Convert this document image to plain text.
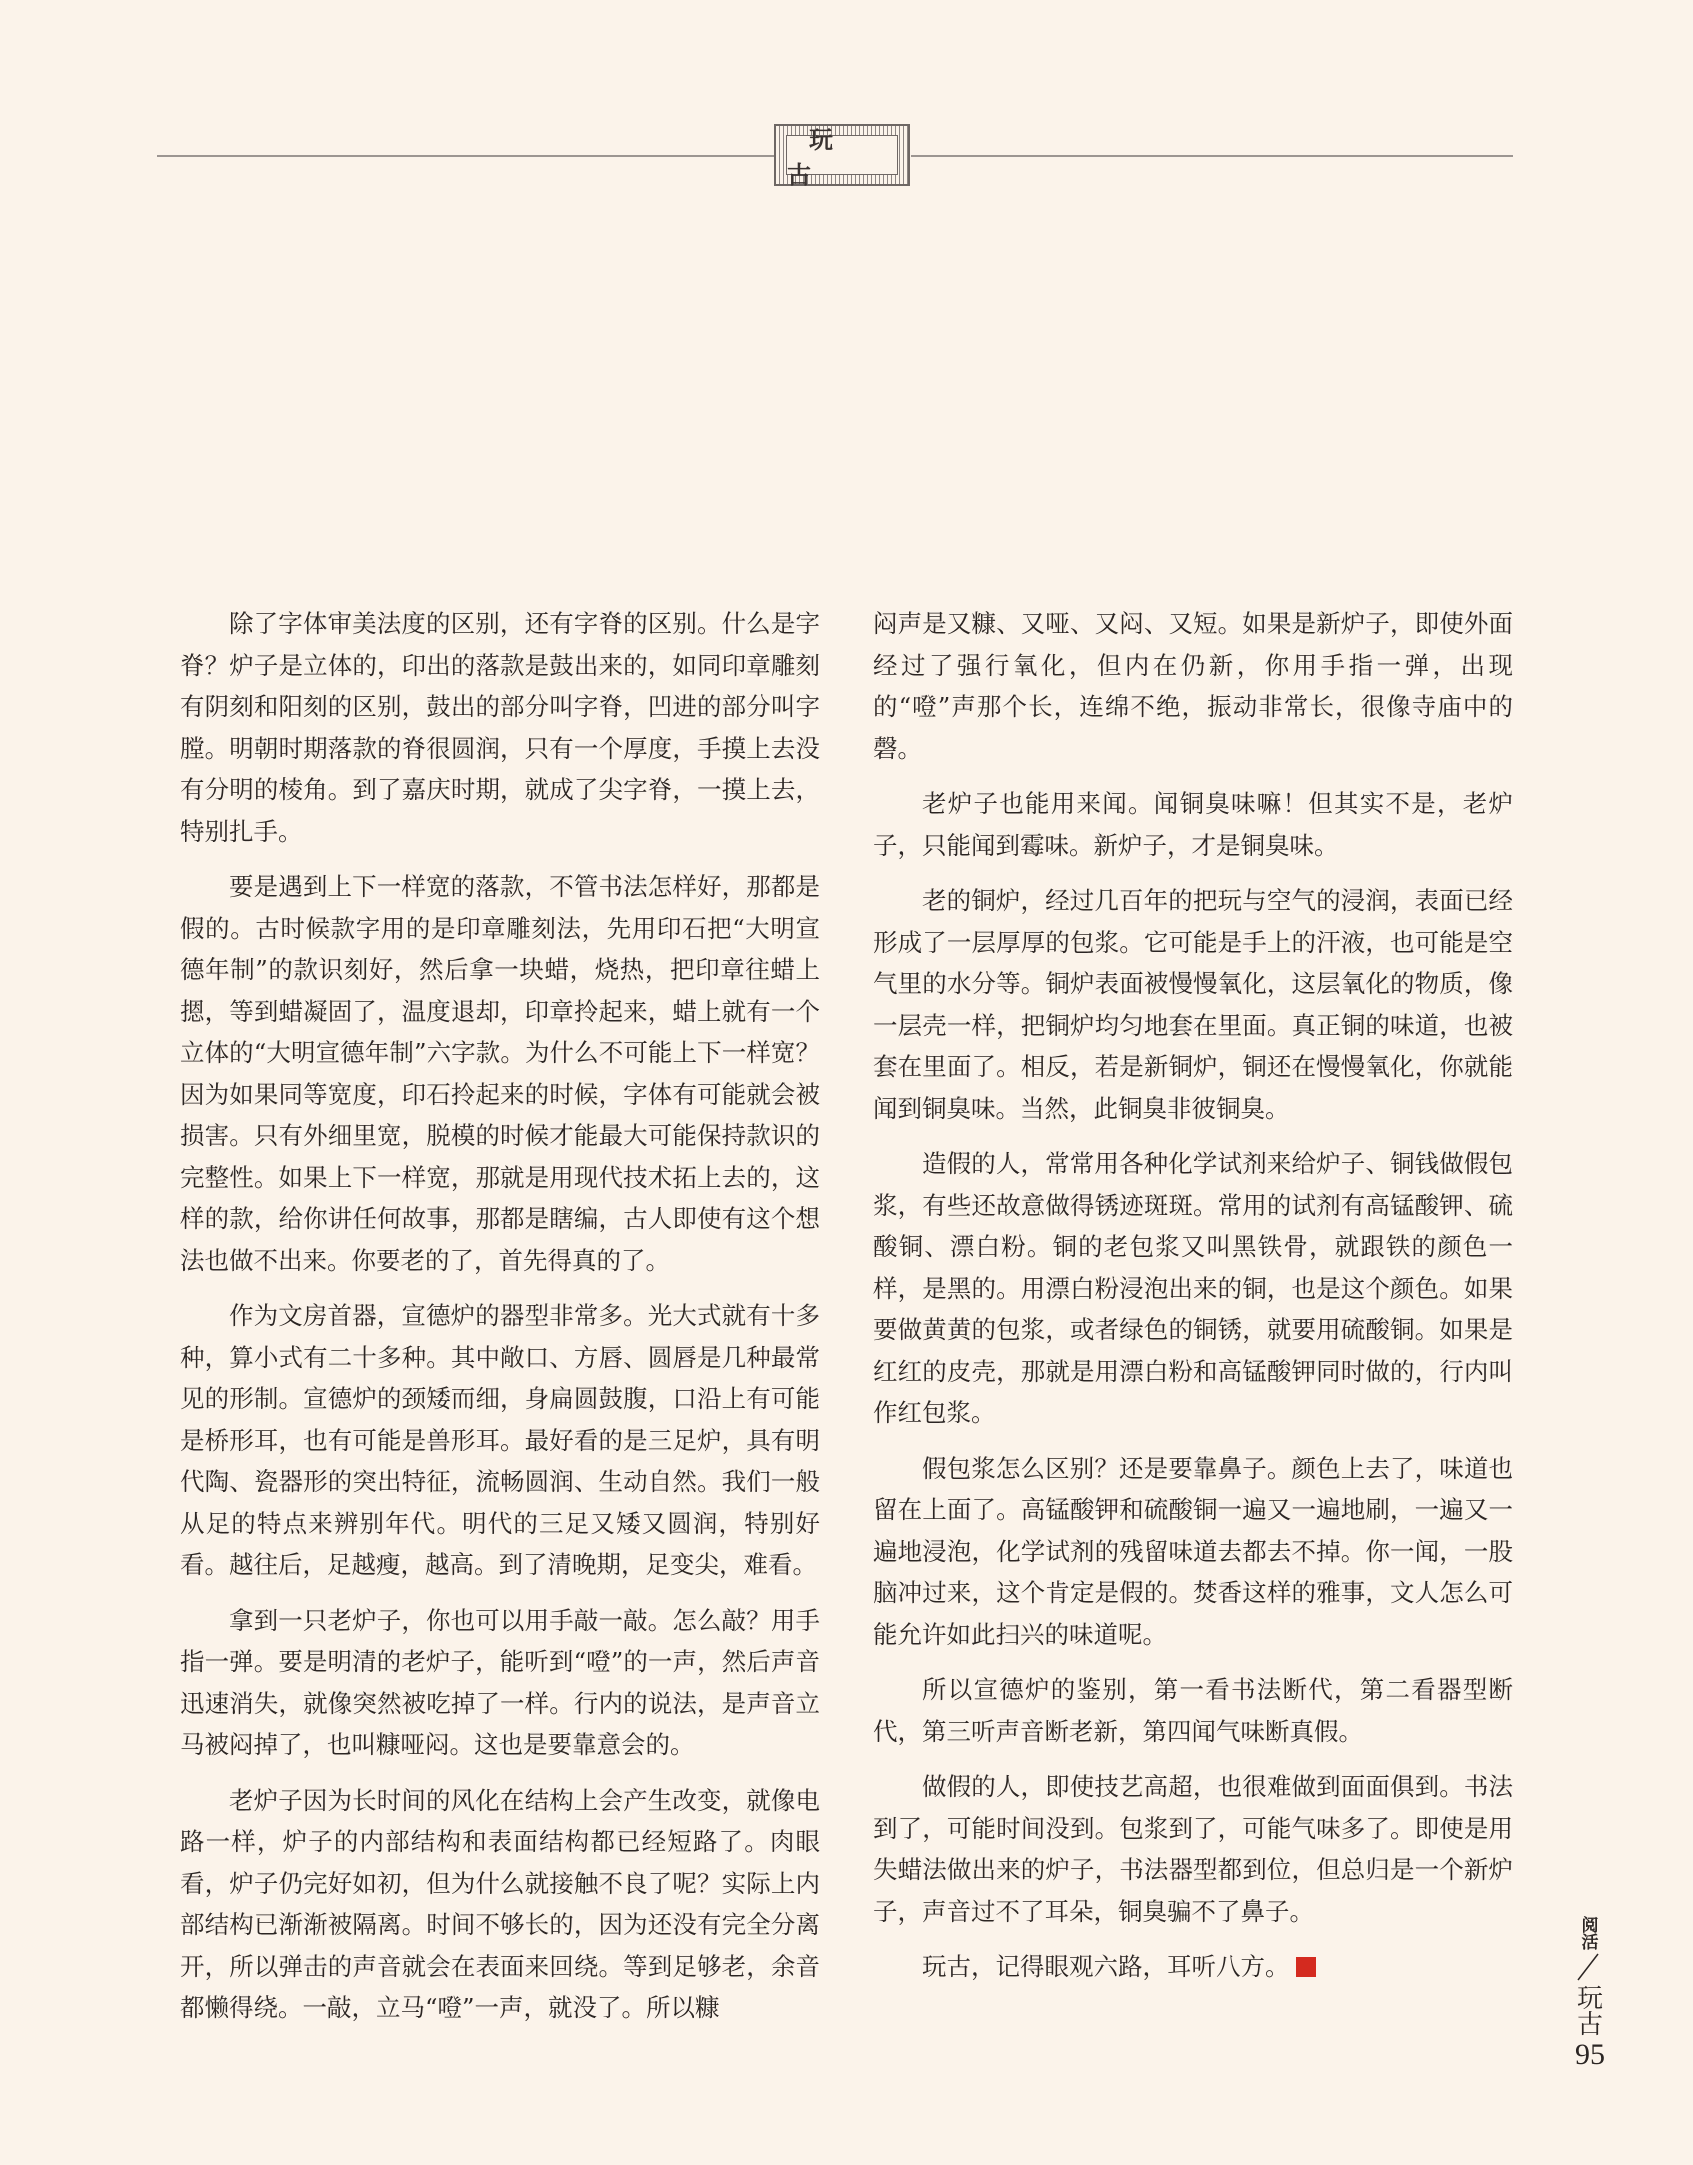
玩 古

除了字体审美法度的区别，还有字脊的区别。什么是字脊？炉子是立体的，印出的落款是鼓出来的，如同印章雕刻有阴刻和阳刻的区别，鼓出的部分叫字脊，凹进的部分叫字膛。明朝时期落款的脊很圆润，只有一个厚度，手摸上去没有分明的棱角。到了嘉庆时期，就成了尖字脊，一摸上去，特别扎手。

要是遇到上下一样宽的落款，不管书法怎样好，那都是假的。古时候款字用的是印章雕刻法，先用印石把“大明宣德年制”的款识刻好，然后拿一块蜡，烧热，把印章往蜡上摁，等到蜡凝固了，温度退却，印章拎起来，蜡上就有一个立体的“大明宣德年制”六字款。为什么不可能上下一样宽？因为如果同等宽度，印石拎起来的时候，字体有可能就会被损害。只有外细里宽，脱模的时候才能最大可能保持款识的完整性。如果上下一样宽，那就是用现代技术拓上去的，这样的款，给你讲任何故事，那都是瞎编，古人即使有这个想法也做不出来。你要老的了，首先得真的了。

作为文房首器，宣德炉的器型非常多。光大式就有十多种，算小式有二十多种。其中敞口、方唇、圆唇是几种最常见的形制。宣德炉的颈矮而细，身扁圆鼓腹，口沿上有可能是桥形耳，也有可能是兽形耳。最好看的是三足炉，具有明代陶、瓷器形的突出特征，流畅圆润、生动自然。我们一般从足的特点来辨别年代。明代的三足又矮又圆润，特别好看。越往后，足越瘦，越高。到了清晚期，足变尖，难看。

拿到一只老炉子，你也可以用手敲一敲。怎么敲？用手指一弹。要是明清的老炉子，能听到“噔”的一声，然后声音迅速消失，就像突然被吃掉了一样。行内的说法，是声音立马被闷掉了，也叫糠哑闷。这也是要靠意会的。

老炉子因为长时间的风化在结构上会产生改变，就像电路一样，炉子的内部结构和表面结构都已经短路了。肉眼看，炉子仍完好如初，但为什么就接触不良了呢？实际上内部结构已渐渐被隔离。时间不够长的，因为还没有完全分离开，所以弹击的声音就会在表面来回绕。等到足够老，余音都懒得绕。一敲，立马“噔”一声，就没了。所以糠

闷声是又糠、又哑、又闷、又短。如果是新炉子，即使外面经过了强行氧化，但内在仍新，你用手指一弹，出现的“噔”声那个长，连绵不绝，振动非常长，很像寺庙中的磬。

老炉子也能用来闻。闻铜臭味嘛！但其实不是，老炉子，只能闻到霉味。新炉子，才是铜臭味。

老的铜炉，经过几百年的把玩与空气的浸润，表面已经形成了一层厚厚的包浆。它可能是手上的汗液，也可能是空气里的水分等。铜炉表面被慢慢氧化，这层氧化的物质，像一层壳一样，把铜炉均匀地套在里面。真正铜的味道，也被套在里面了。相反，若是新铜炉，铜还在慢慢氧化，你就能闻到铜臭味。当然，此铜臭非彼铜臭。

造假的人，常常用各种化学试剂来给炉子、铜钱做假包浆，有些还故意做得锈迹斑斑。常用的试剂有高锰酸钾、硫酸铜、漂白粉。铜的老包浆又叫黑铁骨，就跟铁的颜色一样，是黑的。用漂白粉浸泡出来的铜，也是这个颜色。如果要做黄黄的包浆，或者绿色的铜锈，就要用硫酸铜。如果是红红的皮壳，那就是用漂白粉和高锰酸钾同时做的，行内叫作红包浆。

假包浆怎么区别？还是要靠鼻子。颜色上去了，味道也留在上面了。高锰酸钾和硫酸铜一遍又一遍地刷，一遍又一遍地浸泡，化学试剂的残留味道去都去不掉。你一闻，一股脑冲过来，这个肯定是假的。焚香这样的雅事，文人怎么可能允许如此扫兴的味道呢。

所以宣德炉的鉴别，第一看书法断代，第二看器型断代，第三听声音断老新，第四闻气味断真假。

做假的人，即使技艺高超，也很难做到面面俱到。书法到了，可能时间没到。包浆到了，可能气味多了。即使是用失蜡法做出来的炉子，书法器型都到位，但总归是一个新炉子，声音过不了耳朵，铜臭骗不了鼻子。

玩古，记得眼观六路，耳听八方。

阅活
玩古
95
